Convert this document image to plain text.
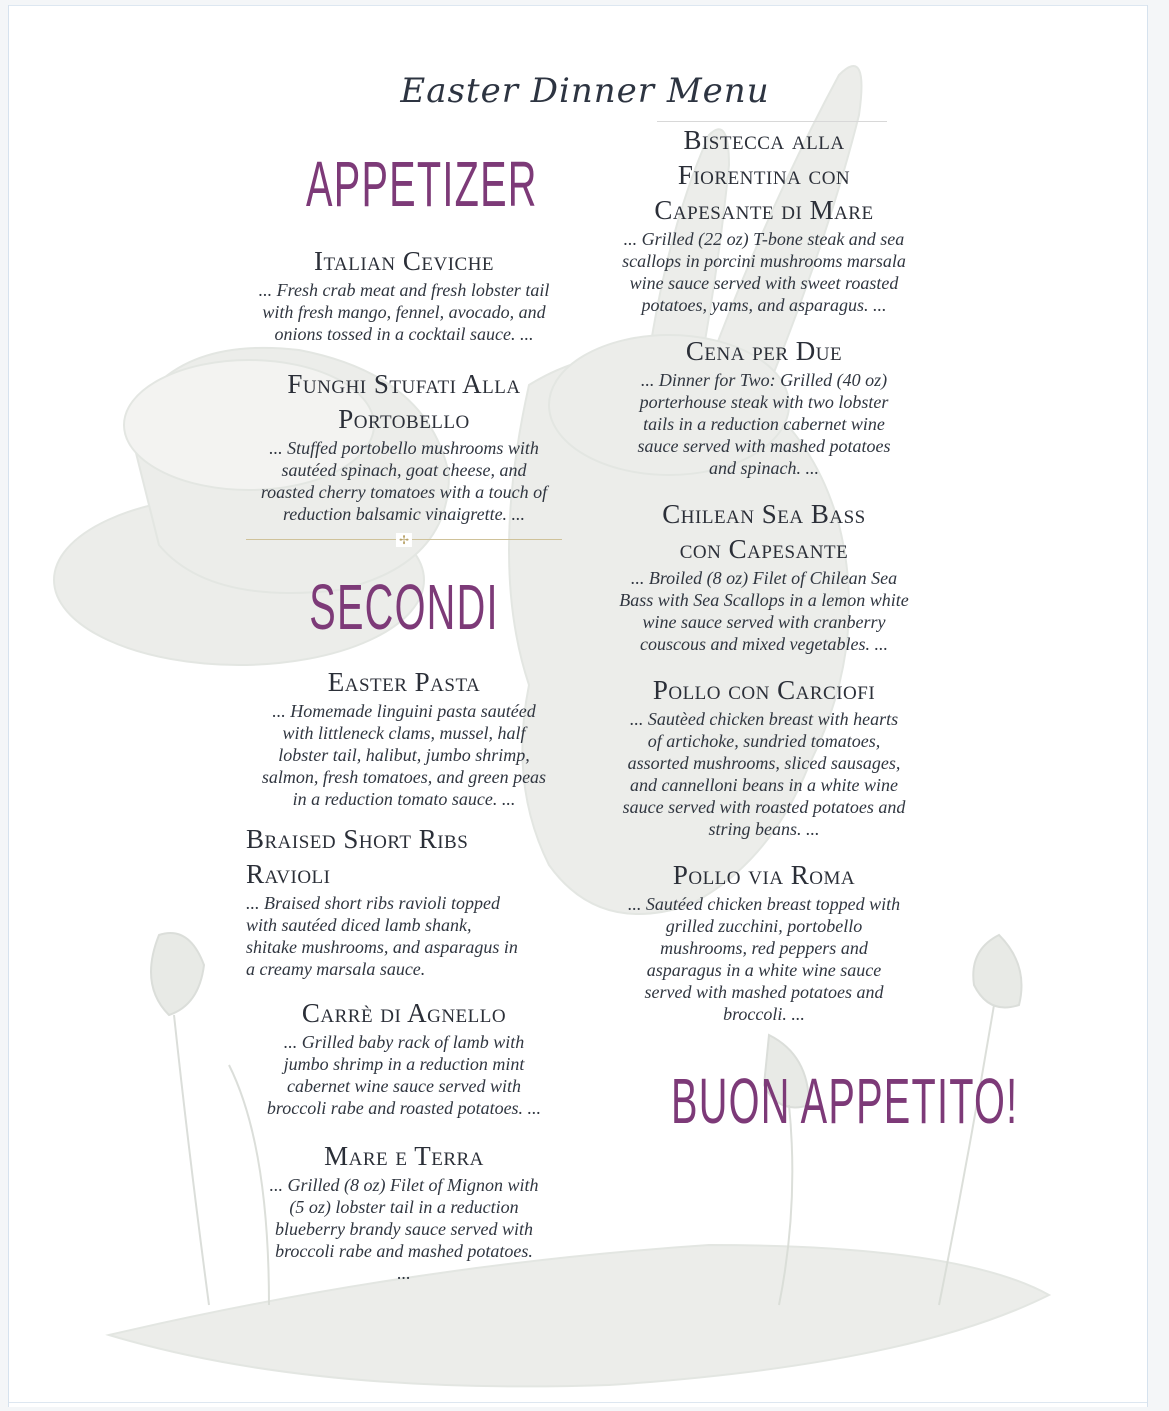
Easter Dinner Menu
APPETIZER
Italian Ceviche
... Fresh crab meat and fresh lobster tail with fresh mango, fennel, avocado, and onions tossed in a cocktail sauce. ...
Funghi Stufati Alla Portobello
... Stuffed portobello mushrooms with sautéed spinach, goat cheese, and roasted cherry tomatoes with a touch of reduction balsamic vinaigrette. ...
✢
SECONDI
Easter Pasta
... Homemade linguini pasta sautéed with littleneck clams, mussel, half lobster tail, halibut, jumbo shrimp, salmon, fresh tomatoes, and green peas in a reduction tomato sauce. ...
Braised Short Ribs Ravioli
... Braised short ribs ravioli topped with sautéed diced lamb shank, shitake mushrooms, and asparagus in a creamy marsala sauce.
Carrè di Agnello
... Grilled baby rack of lamb with jumbo shrimp in a reduction mint cabernet wine sauce served with broccoli rabe and roasted potatoes. ...
Mare e Terra
... Grilled (8 oz) Filet of Mignon with (5 oz) lobster tail in a reduction blueberry brandy sauce served with broccoli rabe and mashed potatoes. ...
Bistecca alla Fiorentina con Capesante di Mare
... Grilled (22 oz) T-bone steak and sea scallops in porcini mushrooms marsala wine sauce served with sweet roasted potatoes, yams, and asparagus. ...
Cena per Due
... Dinner for Two: Grilled (40 oz) porterhouse steak with two lobster tails in a reduction cabernet wine sauce served with mashed potatoes and spinach. ...
Chilean Sea Bass con Capesante
... Broiled (8 oz) Filet of Chilean Sea Bass with Sea Scallops in a lemon white wine sauce served with cranberry couscous and mixed vegetables. ...
Pollo con Carciofi
... Sautèed chicken breast with hearts of artichoke, sundried tomatoes, assorted mushrooms, sliced sausages, and cannelloni beans in a white wine sauce served with roasted potatoes and string beans. ...
Pollo via Roma
... Sautéed chicken breast topped with grilled zucchini, portobello mushrooms, red peppers and asparagus in a white wine sauce served with mashed potatoes and broccoli. ...
BUON APPETITO!
